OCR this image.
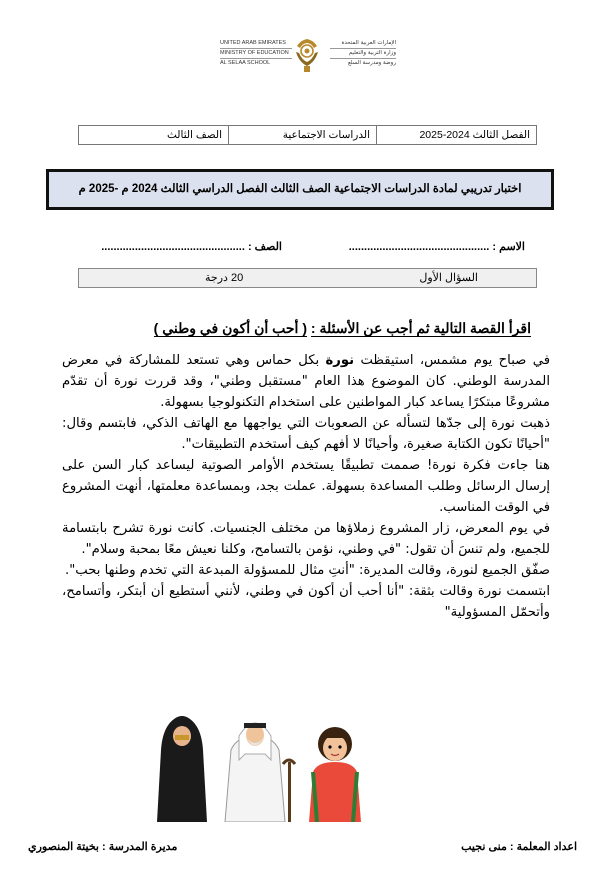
UNITED ARAB EMIRATES
MINISTRY OF EDUCATION
AL SELAA SCHOOL
الإمارات العربية المتحدة
وزارة التربية والتعليم
روضة ومدرسة السلع
الفصل الثالث 2024-2025
الدراسات الاجتماعية
الصف الثالث
اختبار تدريبي لمادة الدراسات الاجتماعية الصف الثالث الفصل الدراسي الثالث 2024 م -2025 م
الاسم : ..............................................
الصف : ...............................................
السؤال الأول
20 درجة
اقرأ القصة التالية ثم أجب عن الأسئلة : ( أحب أن أكون في وطني )

في صباح يوم مشمس، استيقظت نورة بكل حماس وهي تستعد للمشاركة في معرض المدرسة الوطني. كان الموضوع هذا العام "مستقبل وطني"، وقد قررت نورة أن تقدّم مشروعًا مبتكرًا يساعد كبار المواطنين على استخدام التكنولوجيا بسهولة.

ذهبت نورة إلى جدّها لتسأله عن الصعوبات التي يواجهها مع الهاتف الذكي، فابتسم وقال: "أحيانًا تكون الكتابة صغيرة، وأحيانًا لا أفهم كيف أستخدم التطبيقات".

هنا جاءت فكرة نورة! صممت تطبيقًا يستخدم الأوامر الصوتية ليساعد كبار السن على إرسال الرسائل وطلب المساعدة بسهولة. عملت بجد، وبمساعدة معلمتها، أنهت المشروع في الوقت المناسب.

في يوم المعرض، زار المشروع زملاؤها من مختلف الجنسيات. كانت نورة تشرح بابتسامة للجميع، ولم تنسَ أن تقول: "في وطني، نؤمن بالتسامح، وكلنا نعيش معًا بمحبة وسلام".

صفّق الجميع لنورة، وقالت المديرة: "أنتِ مثال للمسؤولة المبدعة التي تخدم وطنها بحب".

ابتسمت نورة وقالت بثقة: "أنا أحب أن أكون في وطني، لأنني أستطيع أن أبتكر، وأتسامح، وأتحمّل المسؤولية"

اعداد المعلمة : منى نجيب
مديرة المدرسة : بخيتة المنصوري
